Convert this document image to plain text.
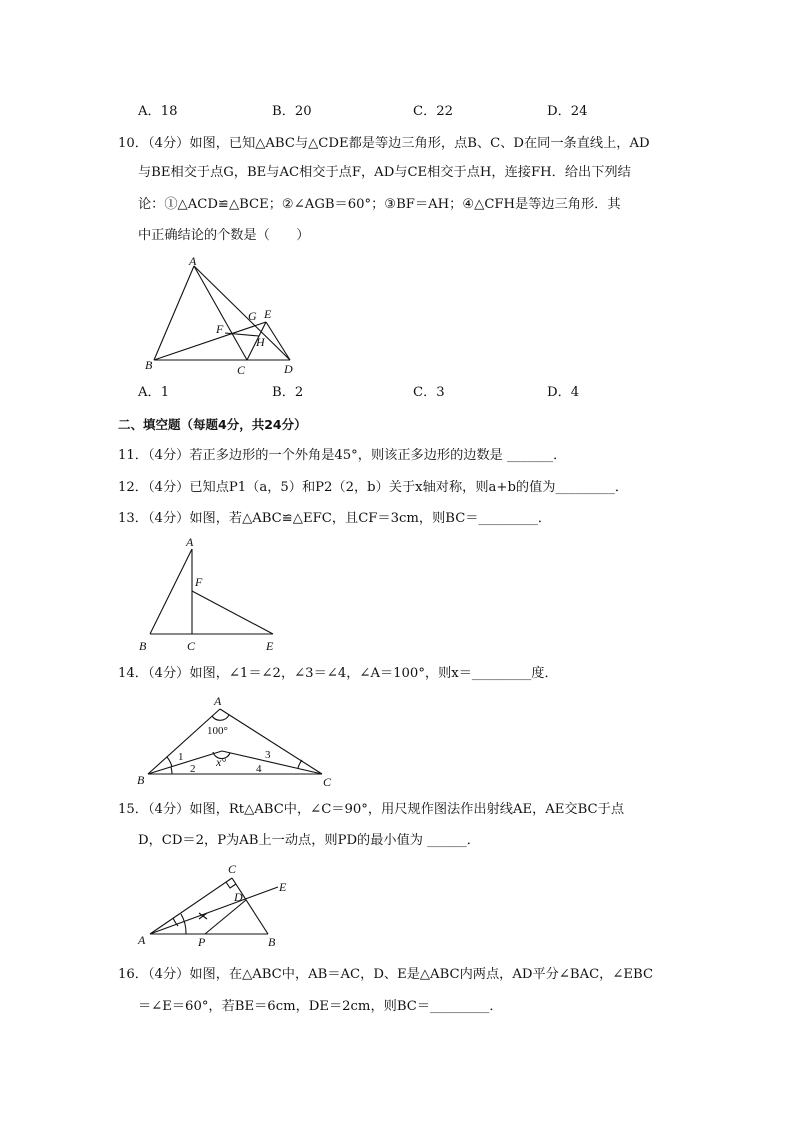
A．18	B．20	C．22	D．24
10．（4分）如图，已知△ABC与△CDE都是等边三角形，点B、C、D在同一条直线上，AD
与BE相交于点G，BE与AC相交于点F，AD与CE相交于点H，连接FH．给出下列结
论：①△ACD≌△BCE；②∠AGB＝60°；③BF＝AH；④△CFH是等边三角形．其
中正确结论的个数是（　　）
A
B	C	D
E
F
G
H
A．1	B．2	C．3	D．4
二、填空题（每题4分，共24分）
11．（4分）若正多边形的一个外角是45°，则该正多边形的边数是 _______．
12．（4分）已知点P1（a，5）和P2（2，b）关于x轴对称，则a+b的值为_________．
13．（4分）如图，若△ABC≌△EFC，且CF＝3cm，则BC＝_________．
A
B	C	E
F
14．（4分）如图，∠1＝∠2，∠3＝∠4，∠A＝100°，则x＝_________度．
A
B	C
100°
x°
1
2
3
4
15．（4分）如图，Rt△ABC中，∠C＝90°，用尺规作图法作出射线AE，AE交BC于点
D，CD＝2，P为AB上一动点，则PD的最小值为 ______．
C
D
E
A	P	B
16．（4分）如图，在△ABC中，AB＝AC，D、E是△ABC内两点，AD平分∠BAC，∠EBC
＝∠E＝60°，若BE＝6cm，DE＝2cm，则BC＝_________．
